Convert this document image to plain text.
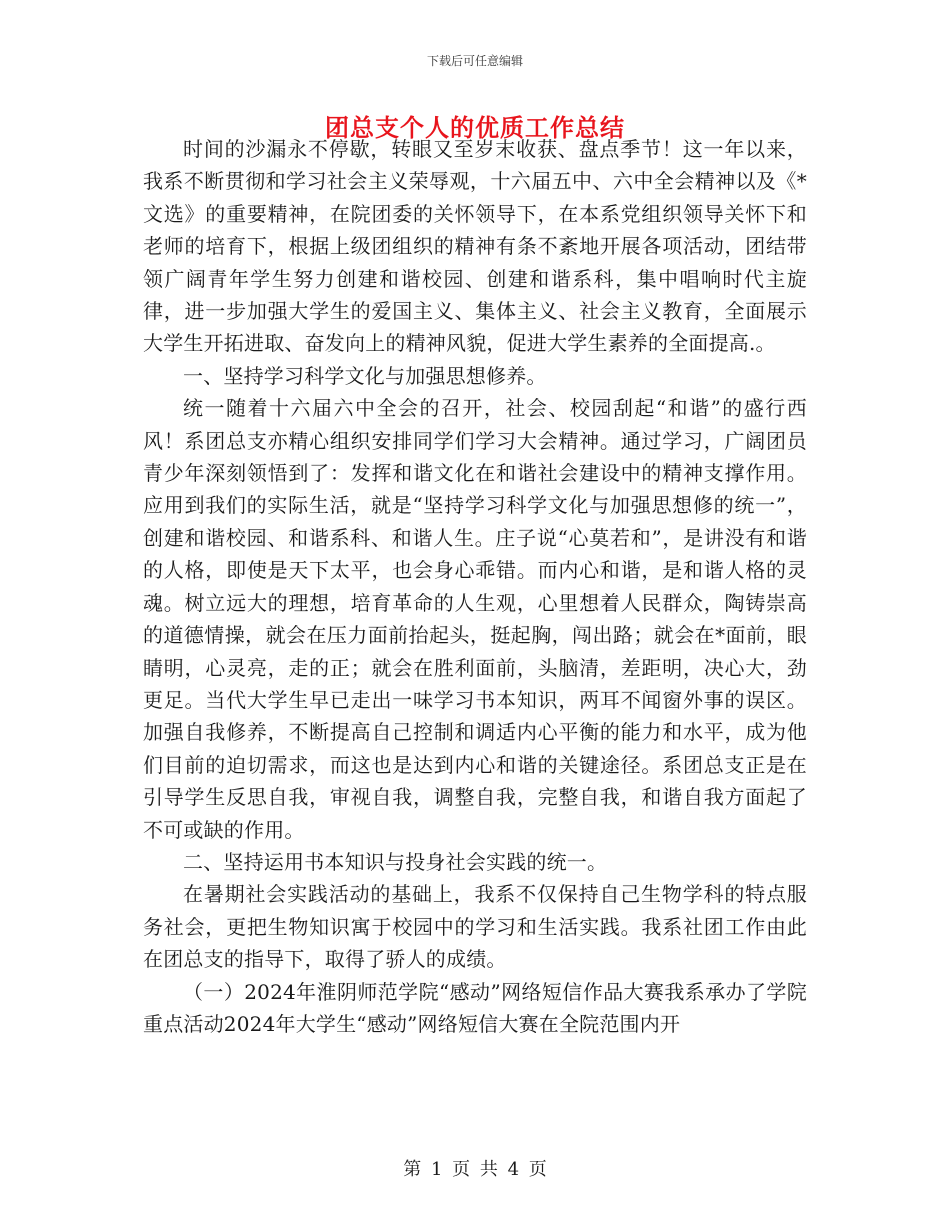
下载后可任意编辑
团总支个人的优质工作总结

时间的沙漏永不停歇，转眼又至岁末收获、盘点季节！这一年以来，我系不断贯彻和学习社会主义荣辱观，十六届五中、六中全会精神以及《*文选》的重要精神，在院团委的关怀领导下，在本系党组织领导关怀下和老师的培育下，根据上级团组织的精神有条不紊地开展各项活动，团结带领广阔青年学生努力创建和谐校园、创建和谐系科，集中唱响时代主旋律，进一步加强大学生的爱国主义、集体主义、社会主义教育，全面展示大学生开拓进取、奋发向上的精神风貌，促进大学生素养的全面提高.。

一、坚持学习科学文化与加强思想修养。

统一随着十六届六中全会的召开，社会、校园刮起“和谐”的盛行西风！系团总支亦精心组织安排同学们学习大会精神。通过学习，广阔团员青少年深刻领悟到了：发挥和谐文化在和谐社会建设中的精神支撑作用。应用到我们的实际生活，就是“坚持学习科学文化与加强思想修的统一”，创建和谐校园、和谐系科、和谐人生。庄子说“心莫若和”，是讲没有和谐的人格，即使是天下太平，也会身心乖错。而内心和谐，是和谐人格的灵魂。树立远大的理想，培育革命的人生观，心里想着人民群众，陶铸崇高的道德情操，就会在压力面前抬起头，挺起胸，闯出路；就会在*面前，眼睛明，心灵亮，走的正；就会在胜利面前，头脑清，差距明，决心大，劲更足。当代大学生早已走出一味学习书本知识，两耳不闻窗外事的误区。加强自我修养，不断提高自己控制和调适内心平衡的能力和水平，成为他们目前的迫切需求，而这也是达到内心和谐的关键途径。系团总支正是在引导学生反思自我，审视自我，调整自我，完整自我，和谐自我方面起了不可或缺的作用。

二、坚持运用书本知识与投身社会实践的统一。

在暑期社会实践活动的基础上，我系不仅保持自己生物学科的特点服务社会，更把生物知识寓于校园中的学习和生活实践。我系社团工作由此在团总支的指导下，取得了骄人的成绩。

（一）2024年淮阴师范学院“感动”网络短信作品大赛我系承办了学院重点活动2024年大学生“感动”网络短信大赛在全院范围内开

第 1 页 共 4 页
